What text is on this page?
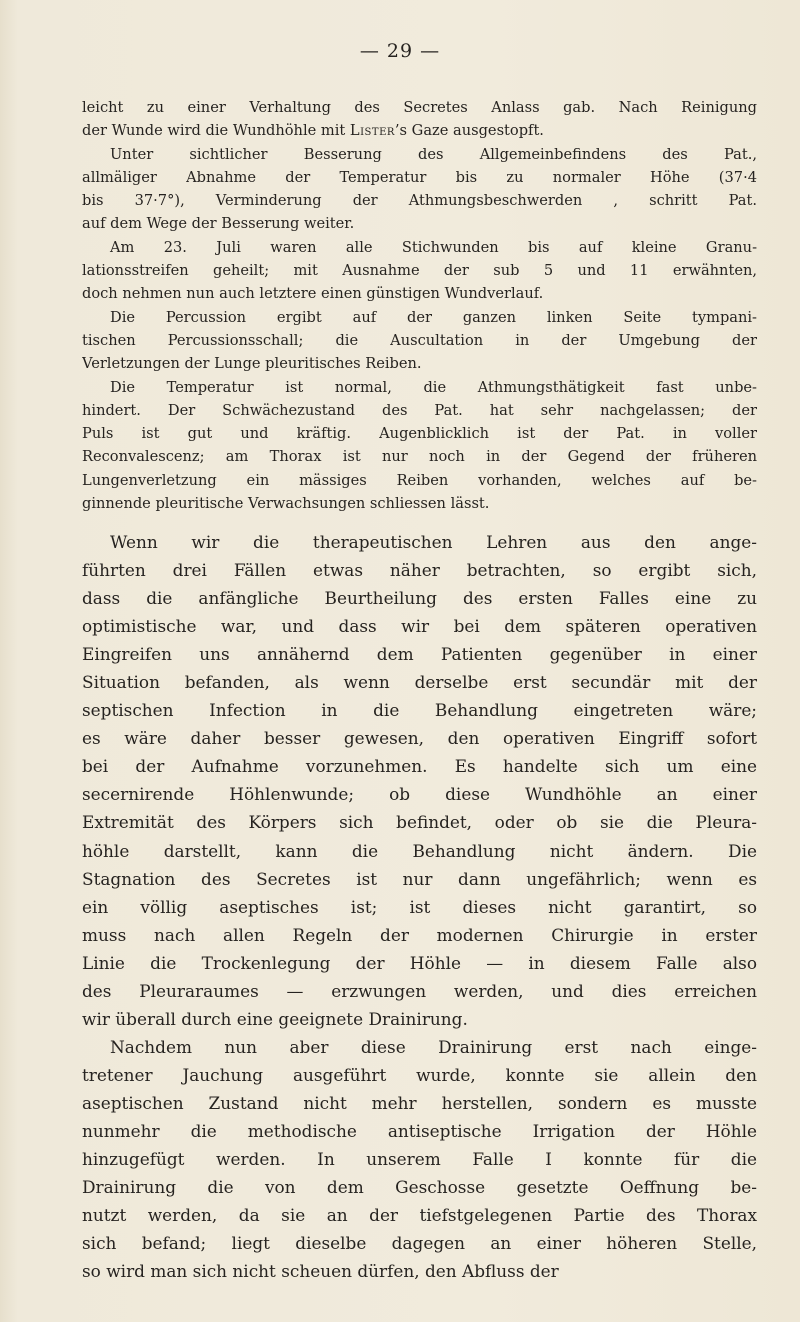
— 29 —
leicht zu einer Verhaltung des Secretes Anlass gab. Nach Reinigung
der Wunde wird die Wundhöhle mit Lister’s Gaze ausgestopft.
Unter sichtlicher Besserung des Allgemeinbefindens des Pat.,
allmäliger Abnahme der Temperatur bis zu normaler Höhe (37·4
bis 37·7°), Verminderung der Athmungsbeschwerden , schritt Pat.
auf dem Wege der Besserung weiter.
Am 23. Juli waren alle Stichwunden bis auf kleine Granu-
lationsstreifen geheilt; mit Ausnahme der sub 5 und 11 erwähnten,
doch nehmen nun auch letztere einen günstigen Wundverlauf.
Die Percussion ergibt auf der ganzen linken Seite tympani-
tischen Percussionsschall; die Auscultation in der Umgebung der
Verletzungen der Lunge pleuritisches Reiben.
Die Temperatur ist normal, die Athmungsthätigkeit fast unbe-
hindert. Der Schwächezustand des Pat. hat sehr nachgelassen; der
Puls ist gut und kräftig. Augenblicklich ist der Pat. in voller
Reconvalescenz; am Thorax ist nur noch in der Gegend der früheren
Lungenverletzung ein mässiges Reiben vorhanden, welches auf be-
ginnende pleuritische Verwachsungen schliessen lässt.
Wenn wir die therapeutischen Lehren aus den ange-
führten drei Fällen etwas näher betrachten, so ergibt sich,
dass die anfängliche Beurtheilung des ersten Falles eine zu
optimistische war, und dass wir bei dem späteren operativen
Eingreifen uns annähernd dem Patienten gegenüber in einer
Situation befanden, als wenn derselbe erst secundär mit der
septischen Infection in die Behandlung eingetreten wäre;
es wäre daher besser gewesen, den operativen Eingriff sofort
bei der Aufnahme vorzunehmen. Es handelte sich um eine
secernirende Höhlenwunde; ob diese Wundhöhle an einer
Extremität des Körpers sich befindet, oder ob sie die Pleura-
höhle darstellt, kann die Behandlung nicht ändern. Die
Stagnation des Secretes ist nur dann ungefährlich; wenn es
ein völlig aseptisches ist; ist dieses nicht garantirt, so
muss nach allen Regeln der modernen Chirurgie in erster
Linie die Trockenlegung der Höhle — in diesem Falle also
des Pleuraraumes — erzwungen werden, und dies erreichen
wir überall durch eine geeignete Drainirung.
Nachdem nun aber diese Drainirung erst nach einge-
tretener Jauchung ausgeführt wurde, konnte sie allein den
aseptischen Zustand nicht mehr herstellen, sondern es musste
nunmehr die methodische antiseptische Irrigation der Höhle
hinzugefügt werden. In unserem Falle I konnte für die
Drainirung die von dem Geschosse gesetzte Oeffnung be-
nutzt werden, da sie an der tiefstgelegenen Partie des Thorax
sich befand; liegt dieselbe dagegen an einer höheren Stelle,
so wird man sich nicht scheuen dürfen, den Abfluss der
